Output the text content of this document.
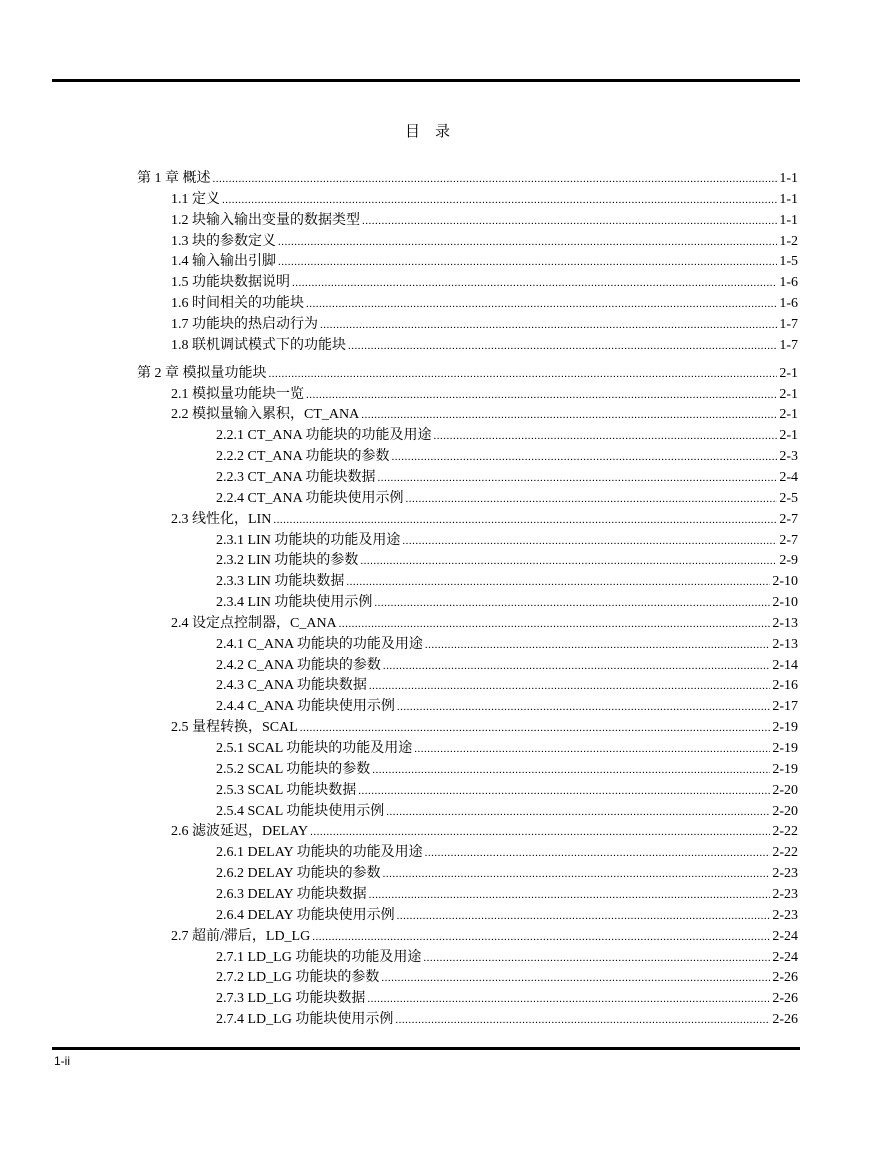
目　录
第 1 章 概述 .....	1-1
1.1 定义 .....	1-1
1.2 块输入输出变量的数据类型 .....	1-1
1.3 块的参数定义 .....	1-2
1.4 输入输出引脚 .....	1-5
1.5 功能块数据说明 .....	1-6
1.6 时间相关的功能块 .....	1-6
1.7 功能块的热启动行为 .....	1-7
1.8 联机调试模式下的功能块 .....	1-7
第 2 章 模拟量功能块 .....	2-1
2.1 模拟量功能块一览 .....	2-1
2.2 模拟量输入累积，CT_ANA .....	2-1
2.2.1 CT_ANA 功能块的功能及用途 .....	2-1
2.2.2 CT_ANA 功能块的参数 .....	2-3
2.2.3 CT_ANA 功能块数据 .....	2-4
2.2.4 CT_ANA 功能块使用示例 .....	2-5
2.3 线性化，LIN .....	2-7
2.3.1 LIN 功能块的功能及用途 .....	2-7
2.3.2 LIN 功能块的参数 .....	2-9
2.3.3 LIN 功能块数据 .....	2-10
2.3.4 LIN 功能块使用示例 .....	2-10
2.4 设定点控制器，C_ANA .....	2-13
2.4.1 C_ANA 功能块的功能及用途 .....	2-13
2.4.2 C_ANA 功能块的参数 .....	2-14
2.4.3 C_ANA 功能块数据 .....	2-16
2.4.4 C_ANA 功能块使用示例 .....	2-17
2.5 量程转换，SCAL .....	2-19
2.5.1 SCAL 功能块的功能及用途 .....	2-19
2.5.2 SCAL 功能块的参数 .....	2-19
2.5.3 SCAL 功能块数据 .....	2-20
2.5.4 SCAL 功能块使用示例 .....	2-20
2.6 滤波延迟，DELAY .....	2-22
2.6.1 DELAY 功能块的功能及用途 .....	2-22
2.6.2 DELAY 功能块的参数 .....	2-23
2.6.3 DELAY 功能块数据 .....	2-23
2.6.4 DELAY 功能块使用示例 .....	2-23
2.7 超前/滞后，LD_LG .....	2-24
2.7.1 LD_LG 功能块的功能及用途 .....	2-24
2.7.2 LD_LG 功能块的参数 .....	2-26
2.7.3 LD_LG 功能块数据 .....	2-26
2.7.4 LD_LG 功能块使用示例 .....	2-26
1-ii
